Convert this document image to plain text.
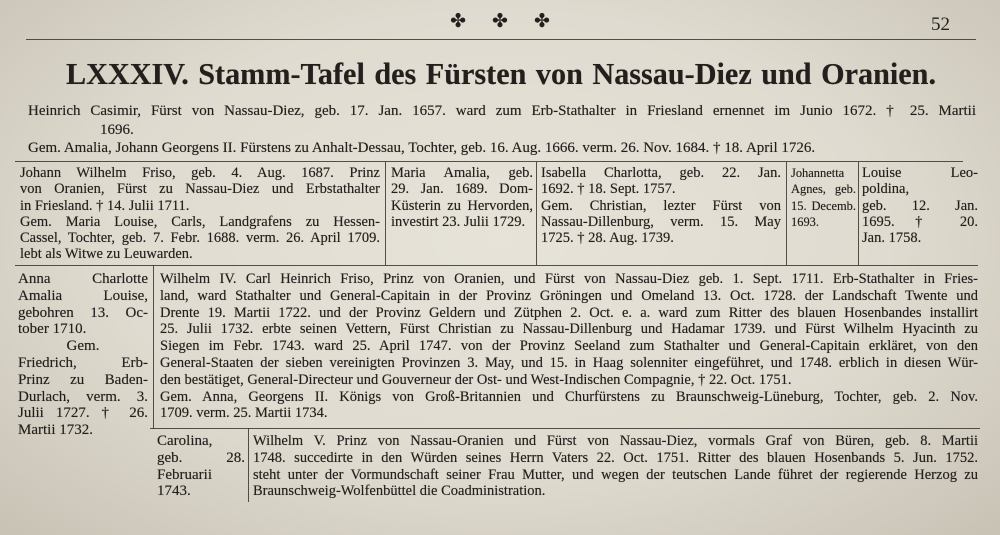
✤ ✤ ✤	52
LXXXIV. Stamm-Tafel des Fürsten von Nassau-Diez und Oranien.
Heinrich Casimir, Fürst von Nassau-Diez, geb. 17. Jan. 1657. ward zum Erb-Stathalter in Friesland ernennet im Junio 1672. † 25. Martii
1696.
Gem. Amalia, Johann Georgens II. Fürstens zu Anhalt-Dessau, Tochter, geb. 16. Aug. 1666. verm. 26. Nov. 1684. † 18. April 1726.
Johann Wilhelm Friso, geb. 4. Aug. 1687. Prinz
von Oranien, Fürst zu Nassau-Diez und Erbstathalter
in Friesland. † 14. Julii 1711.
Gem. Maria Louise, Carls, Landgrafens zu Hessen-
Cassel, Tochter, geb. 7. Febr. 1688. verm. 26. April 1709.
lebt als Witwe zu Leuwarden.
Maria Amalia, geb.
29. Jan. 1689. Dom-
Küsterin zu Hervorden,
investirt 23. Julii 1729.
Isabella Charlotta, geb. 22. Jan.
1692. † 18. Sept. 1757.
Gem. Christian, lezter Fürst von
Nassau-Dillenburg, verm. 15. May
1725. † 28. Aug. 1739.
Johannetta
Agnes, geb.
15. Decemb.
1693.
Louise Leo-
poldina,
geb. 12. Jan.
1695. † 20.
Jan. 1758.
Anna Charlotte
Amalia Louise,
gebohren 13. Oc-
tober 1710.
Gem.
Friedrich, Erb-
Prinz zu Baden-
Durlach, verm. 3.
Julii 1727. † 26.
Martii 1732.
Wilhelm IV. Carl Heinrich Friso, Prinz von Oranien, und Fürst von Nassau-Diez geb. 1. Sept. 1711. Erb-Stathalter in Fries-
land, ward Stathalter und General-Capitain in der Provinz Gröningen und Omeland 13. Oct. 1728. der Landschaft Twente und
Drente 19. Martii 1722. und der Provinz Geldern und Zütphen 2. Oct. e. a. ward zum Ritter des blauen Hosenbandes installirt
25. Julii 1732. erbte seinen Vettern, Fürst Christian zu Nassau-Dillenburg und Hadamar 1739. und Fürst Wilhelm Hyacinth zu
Siegen im Febr. 1743. ward 25. April 1747. von der Provinz Seeland zum Stathalter und General-Capitain erkläret, von den
General-Staaten der sieben vereinigten Provinzen 3. May, und 15. in Haag solenniter eingeführet, und 1748. erblich in diesen Wür-
den bestätiget, General-Directeur und Gouverneur der Ost- und West-Indischen Compagnie, † 22. Oct. 1751.
Gem. Anna, Georgens II. Königs von Groß-Britannien und Churfürstens zu Braunschweig-Lüneburg, Tochter, geb. 2. Nov.
1709. verm. 25. Martii 1734.
Carolina,
geb. 28.
Februarii
1743.
Wilhelm V. Prinz von Nassau-Oranien und Fürst von Nassau-Diez, vormals Graf von Büren, geb. 8. Martii
1748. succedirte in den Würden seines Herrn Vaters 22. Oct. 1751. Ritter des blauen Hosenbands 5. Jun. 1752.
steht unter der Vormundschaft seiner Frau Mutter, und wegen der teutschen Lande führet der regierende Herzog zu
Braunschweig-Wolfenbüttel die Coadministration.
